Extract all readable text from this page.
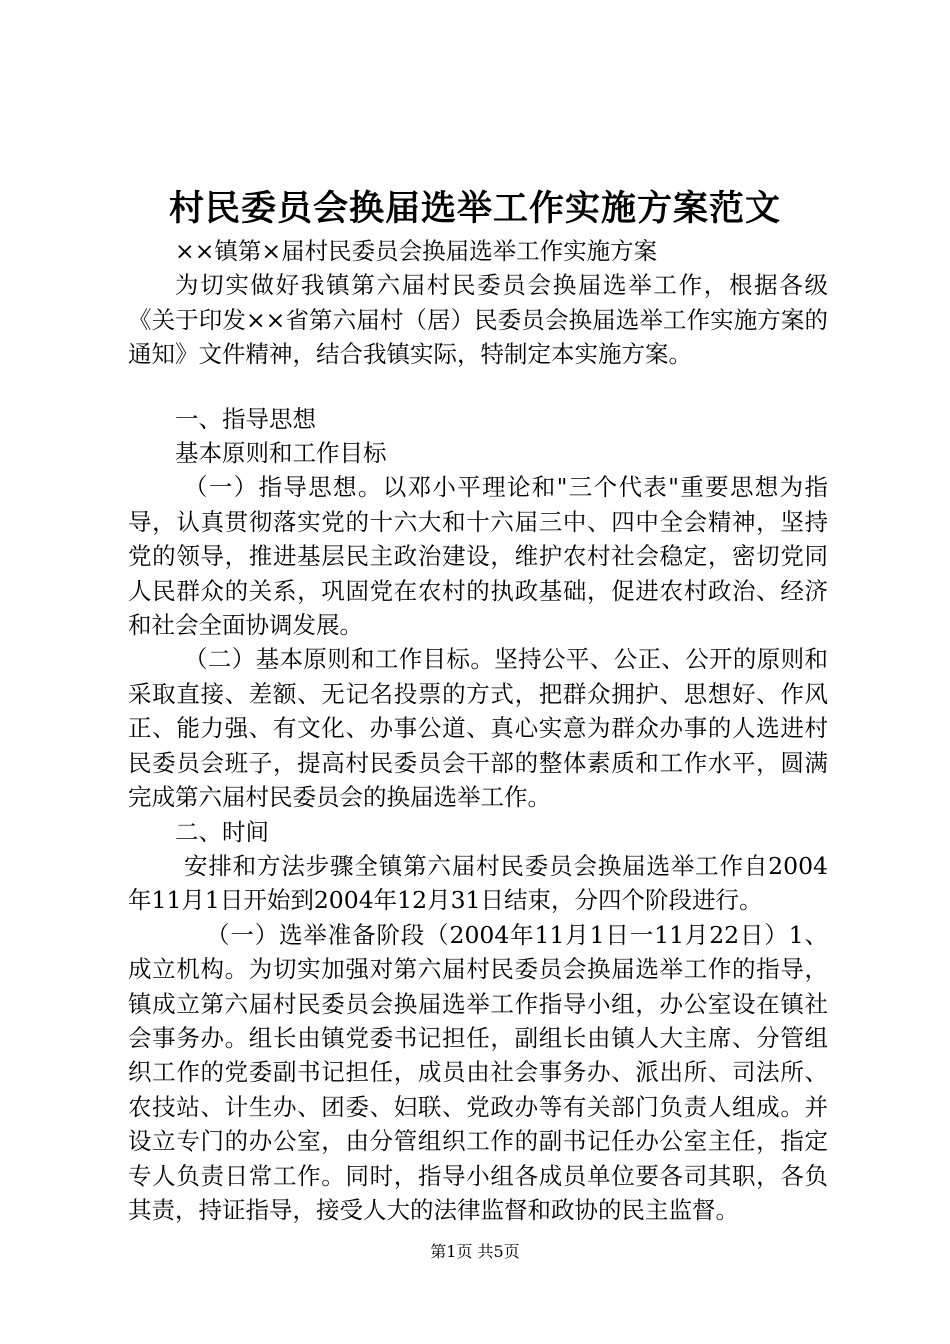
村民委员会换届选举工作实施方案范文

××镇第×届村民委员会换届选举工作实施方案

为切实做好我镇第六届村民委员会换届选举工作，根据各级《关于印发××省第六届村（居）民委员会换届选举工作实施方案的通知》文件精神，结合我镇实际，特制定本实施方案。

一、指导思想

基本原则和工作目标

（一）指导思想。以邓小平理论和"三个代表"重要思想为指导，认真贯彻落实党的十六大和十六届三中、四中全会精神，坚持党的领导，推进基层民主政治建设，维护农村社会稳定，密切党同人民群众的关系，巩固党在农村的执政基础，促进农村政治、经济和社会全面协调发展。

（二）基本原则和工作目标。坚持公平、公正、公开的原则和采取直接、差额、无记名投票的方式，把群众拥护、思想好、作风正、能力强、有文化、办事公道、真心实意为群众办事的人选进村民委员会班子，提高村民委员会干部的整体素质和工作水平，圆满完成第六届村民委员会的换届选举工作。

二、时间

安排和方法步骤全镇第六届村民委员会换届选举工作自2004年11月1日开始到2004年12月31日结束，分四个阶段进行。

（一）选举准备阶段（2004年11月1日一11月22日）1、成立机构。为切实加强对第六届村民委员会换届选举工作的指导，镇成立第六届村民委员会换届选举工作指导小组，办公室设在镇社会事务办。组长由镇党委书记担任，副组长由镇人大主席、分管组织工作的党委副书记担任，成员由社会事务办、派出所、司法所、农技站、计生办、团委、妇联、党政办等有关部门负责人组成。并设立专门的办公室，由分管组织工作的副书记任办公室主任，指定专人负责日常工作。同时，指导小组各成员单位要各司其职，各负其责，持证指导，接受人大的法律监督和政协的民主监督。

第1页 共5页
